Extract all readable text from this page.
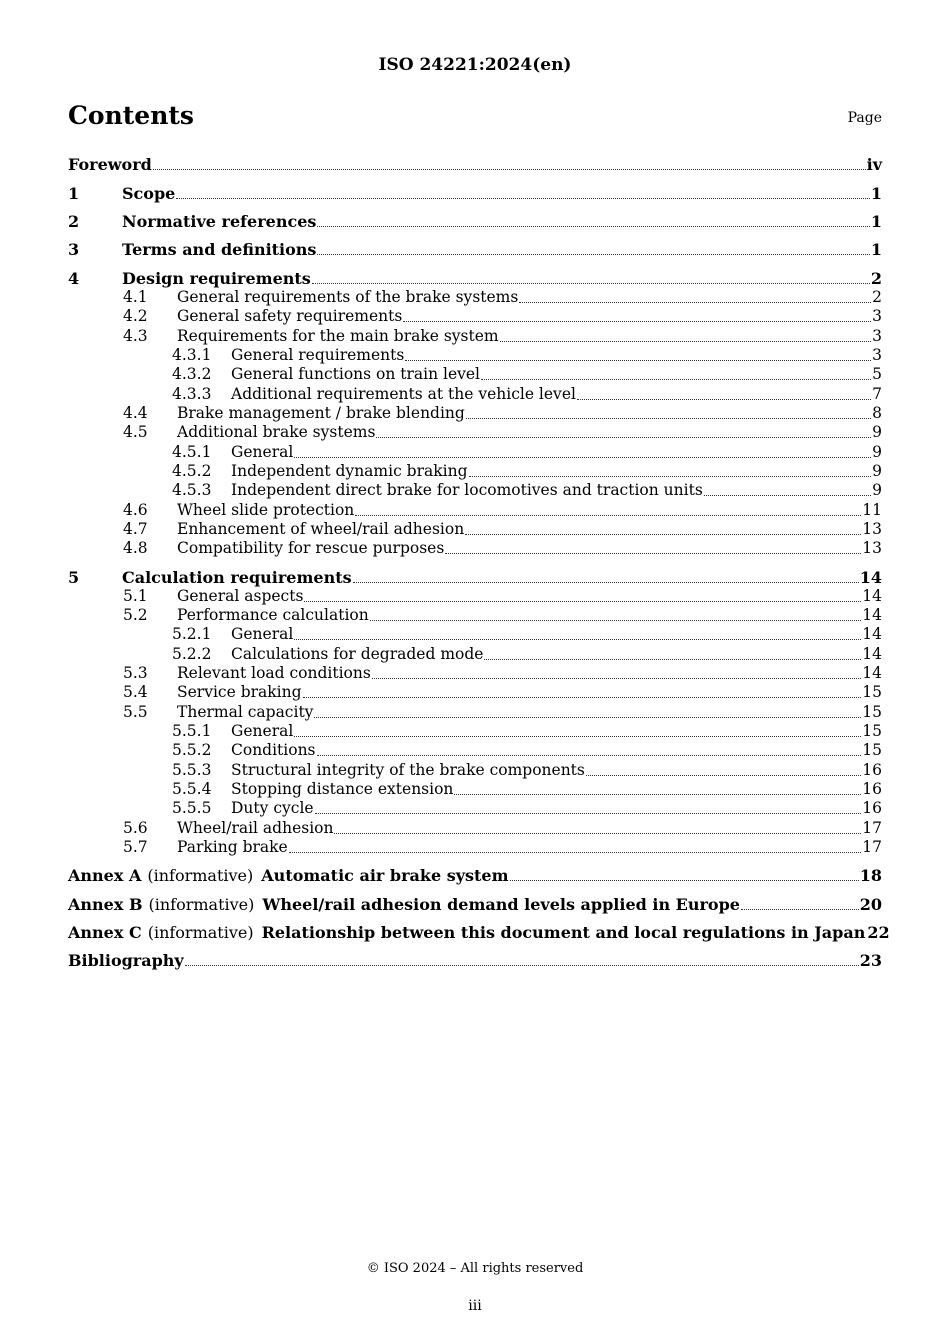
ISO 24221:2024(en)
Contents	Page
Foreword	iv
1	Scope	1
2	Normative references	1
3	Terms and definitions	1
4	Design requirements	2
4.1	General requirements of the brake systems	2
4.2	General safety requirements	3
4.3	Requirements for the main brake system	3
4.3.1	General requirements	3
4.3.2	General functions on train level	5
4.3.3	Additional requirements at the vehicle level	7
4.4	Brake management / brake blending	8
4.5	Additional brake systems	9
4.5.1	General	9
4.5.2	Independent dynamic braking	9
4.5.3	Independent direct brake for locomotives and traction units	9
4.6	Wheel slide protection	11
4.7	Enhancement of wheel/rail adhesion	13
4.8	Compatibility for rescue purposes	13
5	Calculation requirements	14
5.1	General aspects	14
5.2	Performance calculation	14
5.2.1	General	14
5.2.2	Calculations for degraded mode	14
5.3	Relevant load conditions	14
5.4	Service braking	15
5.5	Thermal capacity	15
5.5.1	General	15
5.5.2	Conditions	15
5.5.3	Structural integrity of the brake components	16
5.5.4	Stopping distance extension	16
5.5.5	Duty cycle	16
5.6	Wheel/rail adhesion	17
5.7	Parking brake	17
Annex A (informative) Automatic air brake system	18
Annex B (informative) Wheel/rail adhesion demand levels applied in Europe	20
Annex C (informative) Relationship between this document and local regulations in Japan 22
Bibliography	23
© ISO 2024 – All rights reserved
iii
